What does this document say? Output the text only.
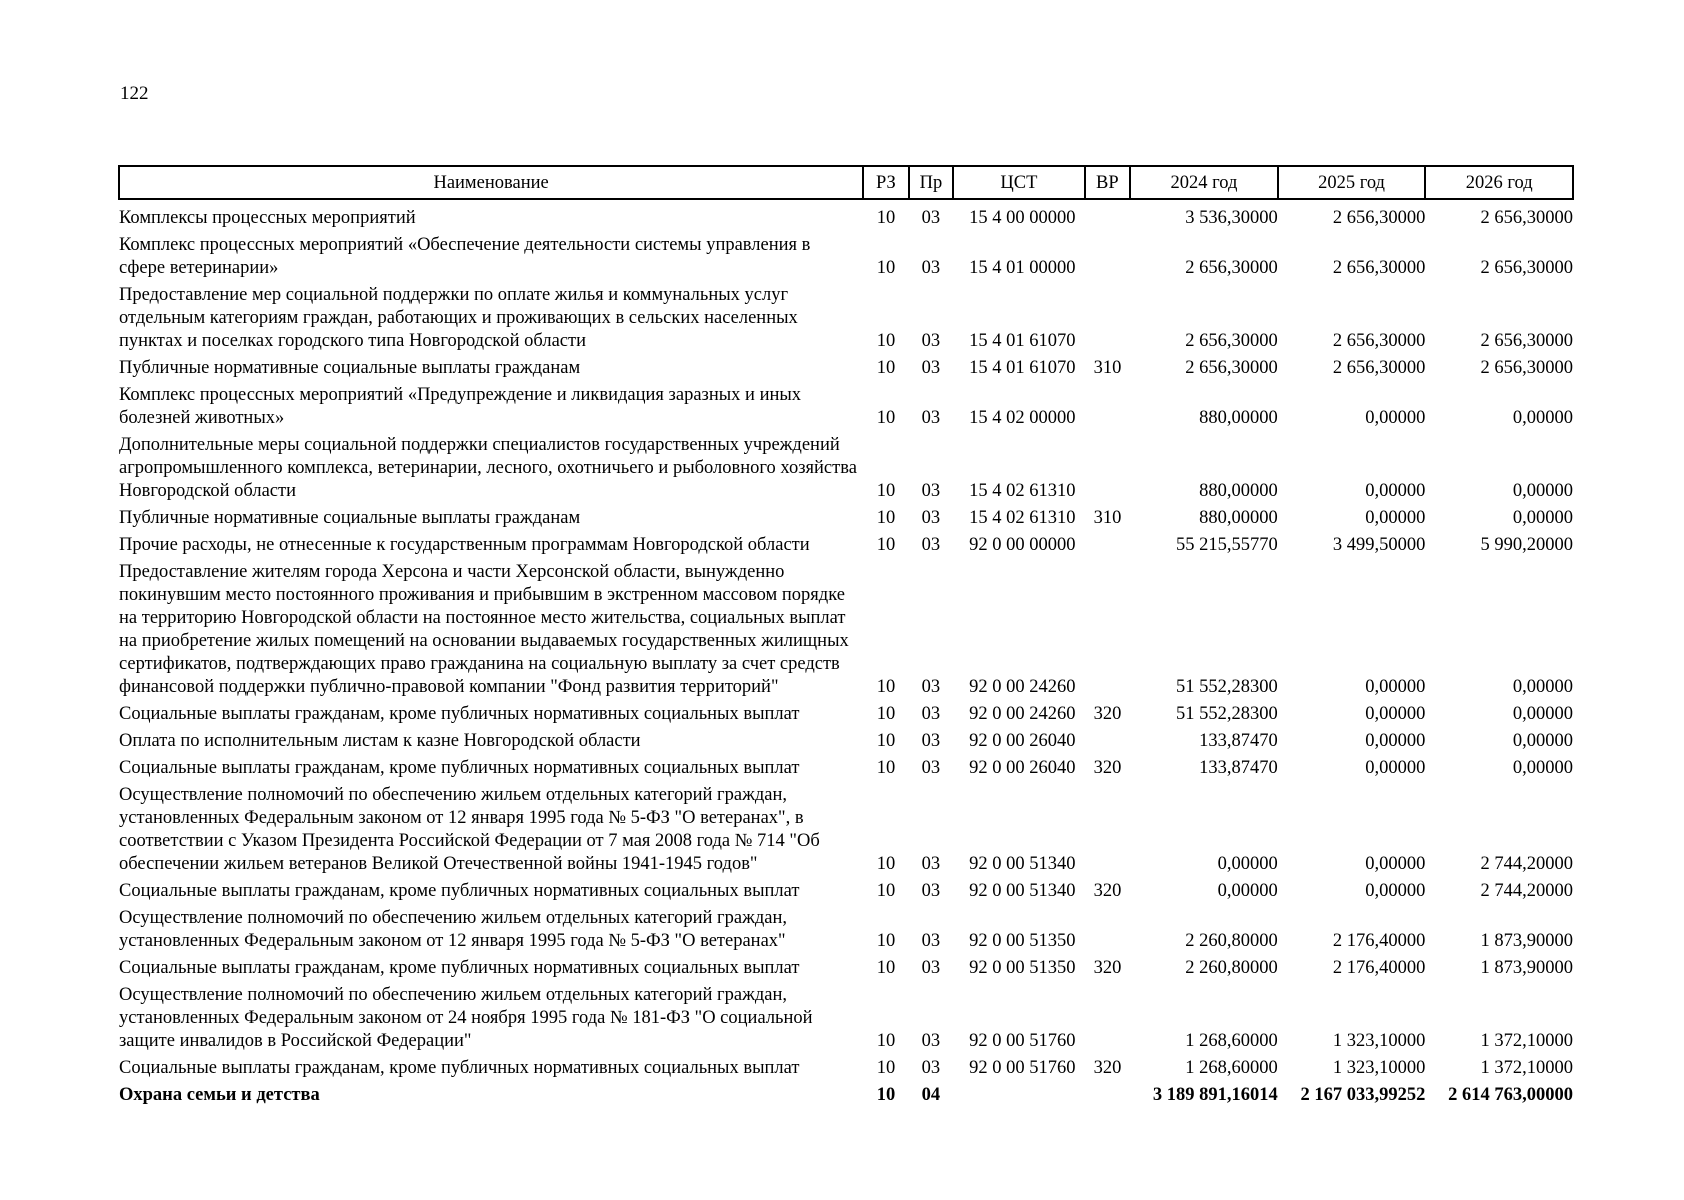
122
Наименование	РЗ	Пр	ЦСТ	ВР	2024 год	2025 год	2026 год
Комплексы процессных мероприятий	10	03	15 4 00 00000		3 536,30000	2 656,30000	2 656,30000
Комплекс процессных мероприятий «Обеспечение деятельности системы управления в сфере ветеринарии»	10	03	15 4 01 00000		2 656,30000	2 656,30000	2 656,30000
Предоставление мер социальной поддержки по оплате жилья и коммунальных услуг отдельным категориям граждан, работающих и проживающих в сельских населенных пунктах и поселках городского типа Новгородской области	10	03	15 4 01 61070		2 656,30000	2 656,30000	2 656,30000
Публичные нормативные социальные выплаты гражданам	10	03	15 4 01 61070	310	2 656,30000	2 656,30000	2 656,30000
Комплекс процессных мероприятий «Предупреждение и ликвидация заразных и иных болезней животных»	10	03	15 4 02 00000		880,00000	0,00000	0,00000
Дополнительные меры социальной поддержки специалистов государственных учреждений агропромышленного комплекса, ветеринарии, лесного, охотничьего и рыболовного хозяйства Новгородской области	10	03	15 4 02 61310		880,00000	0,00000	0,00000
Публичные нормативные социальные выплаты гражданам	10	03	15 4 02 61310	310	880,00000	0,00000	0,00000
Прочие расходы, не отнесенные к государственным программам Новгородской области	10	03	92 0 00 00000		55 215,55770	3 499,50000	5 990,20000
Предоставление жителям города Херсона и части Херсонской области, вынужденно покинувшим место постоянного проживания и прибывшим в экстренном массовом порядке на территорию Новгородской области на постоянное место жительства, социальных выплат на приобретение жилых помещений на основании выдаваемых государственных жилищных сертификатов, подтверждающих право гражданина на социальную выплату за счет средств финансовой поддержки публично-правовой компании "Фонд развития территорий"	10	03	92 0 00 24260		51 552,28300	0,00000	0,00000
Социальные выплаты гражданам, кроме публичных нормативных социальных выплат	10	03	92 0 00 24260	320	51 552,28300	0,00000	0,00000
Оплата по исполнительным листам к казне Новгородской области	10	03	92 0 00 26040		133,87470	0,00000	0,00000
Социальные выплаты гражданам, кроме публичных нормативных социальных выплат	10	03	92 0 00 26040	320	133,87470	0,00000	0,00000
Осуществление полномочий по обеспечению жильем отдельных категорий граждан, установленных Федеральным законом от 12 января 1995 года № 5-ФЗ "О ветеранах", в соответствии с Указом Президента Российской Федерации от 7 мая 2008 года № 714 "Об обеспечении жильем ветеранов Великой Отечественной войны 1941-1945 годов"	10	03	92 0 00 51340		0,00000	0,00000	2 744,20000
Социальные выплаты гражданам, кроме публичных нормативных социальных выплат	10	03	92 0 00 51340	320	0,00000	0,00000	2 744,20000
Осуществление полномочий по обеспечению жильем отдельных категорий граждан, установленных Федеральным законом от 12 января 1995 года № 5-ФЗ "О ветеранах"	10	03	92 0 00 51350		2 260,80000	2 176,40000	1 873,90000
Социальные выплаты гражданам, кроме публичных нормативных социальных выплат	10	03	92 0 00 51350	320	2 260,80000	2 176,40000	1 873,90000
Осуществление полномочий по обеспечению жильем отдельных категорий граждан, установленных Федеральным законом от 24 ноября 1995 года № 181-ФЗ "О социальной защите инвалидов в Российской Федерации"	10	03	92 0 00 51760		1 268,60000	1 323,10000	1 372,10000
Социальные выплаты гражданам, кроме публичных нормативных социальных выплат	10	03	92 0 00 51760	320	1 268,60000	1 323,10000	1 372,10000
Охрана семьи и детства	10	04			3 189 891,16014	2 167 033,99252	2 614 763,00000
